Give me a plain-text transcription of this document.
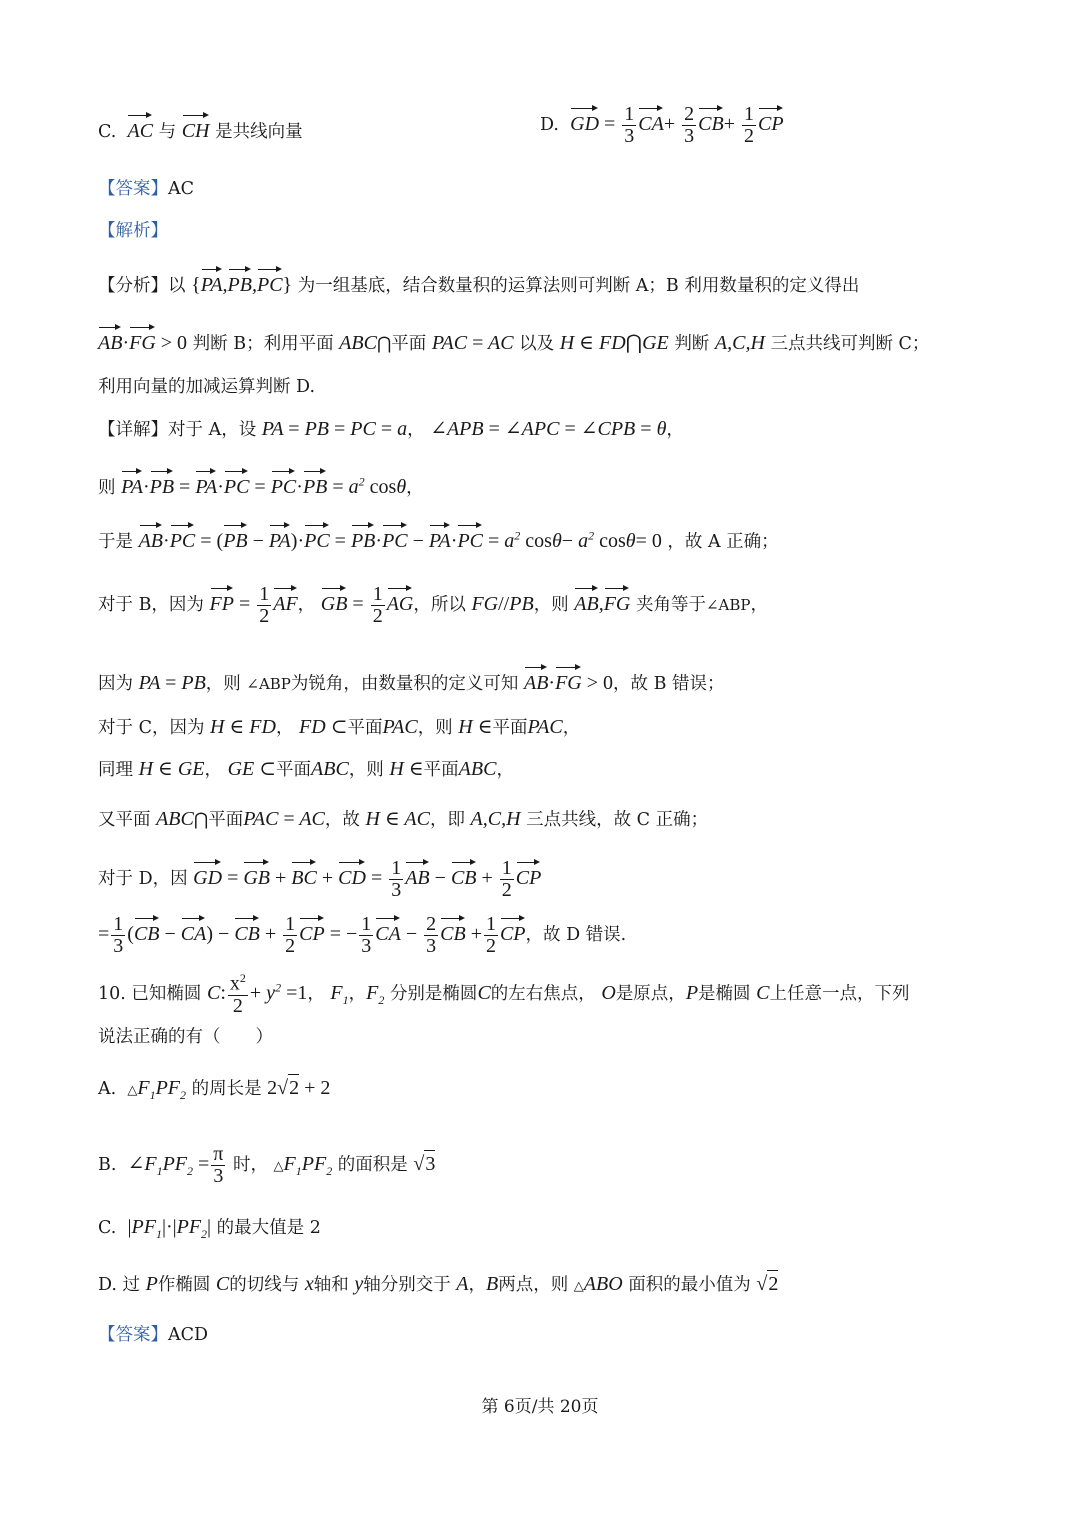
C. AC 与 CH 是共线向量	D. GD = $\frac{1}{3} CA+ \frac{2}{3} CB+ \frac{1}{2}$ CP
【答案】AC
【解析】
【分析】以 {PA,PB,PC} 为一组基底，结合数量积的运算法则可判断 A；B 利用数量积的定义得出
AB·FG > 0 判断 B；利用平面 ABC⋂平面 PAC = AC 以及 H ∈ FD⋂GE 判断 A,C,H 三点共线可判断 C；
利用向量的加减运算判断 D.
【详解】对于 A，设 PA = PB = PC = a， ∠APB = ∠APC = ∠CPB = θ，
则 $PA\cdot PB = PA\cdot PC = PC\cdot PB = a^2$ cosθ，
于是 $AB\cdot PC = (PB - PA)\cdot PC = PB\cdot PC - PA\cdot PC = a^2$ $\cos\theta- a^2$ cosθ= 0 ，故 A 正确；
对于 B，因为 FP = $\frac{1}{2}$ AF， GB = $\frac{1}{2}$ AG，所以 FG//PB，则 AB,FG 夹角等于∠ABP，
因为 PA = PB，则 ∠ABP为锐角，由数量积的定义可知 AB·FG > 0，故 B 错误；
对于 C，因为 H ∈ FD， FD ⊂平面PAC，则 H ∈平面PAC，
同理 H ∈ GE， GE ⊂平面ABC，则 H ∈平面ABC，
又平面 ABC⋂平面PAC = AC，故 H ∈ AC，即 A,C,H 三点共线，故 C 正确；
对于 D，因 GD = GB + BC + CD = $\frac{1}{3}$ AB − CB + $\frac{1}{2}$ CP
= $\frac{1}{3} (CB - CA)$ − CB + $\frac{1}{2}$ CP = − $\frac{1}{3}$ CA − $\frac{2}{3}$ CB + $\frac{1}{2}$ CP，故 D 错误.
10. 已知椭圆 C: $\frac{x^2}{2} + y^2 =1$， $F_1$，$F_2$ 分别是椭圆C的左右焦点， O是原点，P是椭圆 C上任意一点，下列
说法正确的有（　　）
A. $\triangle F_1PF_2$ 的周长是 2√2 + 2
B. $\angle F_1PF_2 = \frac{\pi}{3}$ 时， $\triangle F_1PF_2$ 的面积是 √3
C. $|PF_1|\cdot|PF_2|$ 的最大值是 2
D. 过 P作椭圆 C的切线与 x轴和 y轴分别交于 A，B两点，则 △ABO 面积的最小值为 √2
【答案】ACD
第 6页/共 20页
